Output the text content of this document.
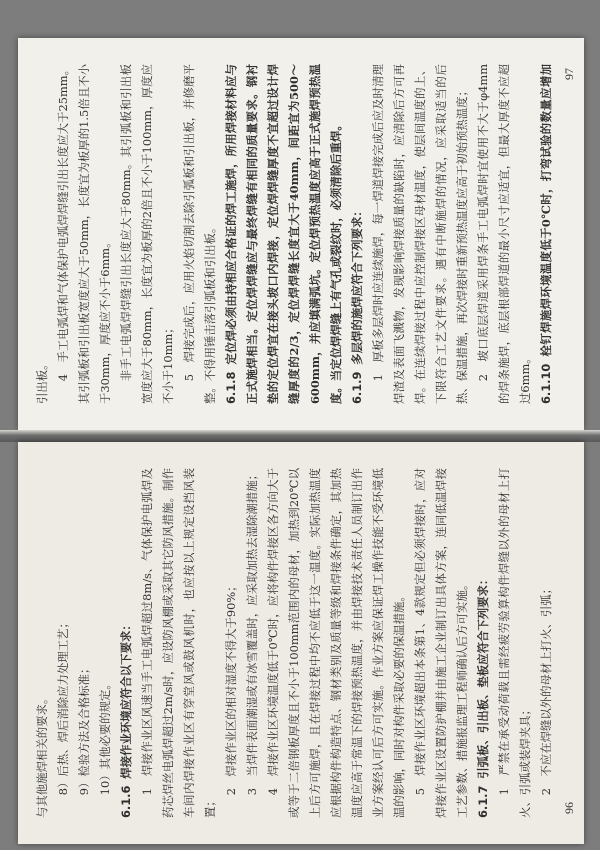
引出板。

4　手工电弧焊和气体保护电弧焊焊缝引出长度应大于25mm。其引弧板和引出板宽度应大于50mm，长度宜为板厚的1.5倍且不小于30mm，厚度应不小于6mm。 非手工电弧焊焊缝引出长度应大于80mm。其引弧板和引出板宽度应大于80mm，长度宜为板厚的2倍且不小于100mm，厚度应不小于10mm； 5　焊接完成后，应用火焰切割去除引弧板和引出板，并修磨平整。不得用锤击落引弧板和引出板。 6.1.8定位焊必须由持相应合格证的焊工施焊，所用焊接材料应与正式施焊相当。定位焊焊缝应与最终焊缝有相同的质量要求。钢衬垫的定位焊宜在接头坡口内焊接，定位焊焊缝厚度不宜超过设计焊缝厚度的2/3，定位焊焊缝长度宜大于40mm，间距宜为500～600mm，并应填满弧坑。定位焊预热温度应高于正式施焊预热温度。当定位焊焊缝上有气孔或裂纹时，必须清除后重焊。 6.1.9多层焊的施焊应符合下列要求： 1　厚板多层焊时应连续施焊，每一焊道焊接完成后应及时清理焊渣及表面飞溅物，发现影响焊接质量的缺陷时，应清除后方可再焊。在连续焊接过程中应控制焊接区母材温度，使层间温度的上、下限符合工艺文件要求。遇有中断施焊的情况，应采取适当的后热、保温措施，再次焊接时重新预热温度应高于初始预热温度； 2　坡口底层焊道采用焊条手工电弧焊时宜使用不大于φ4mm的焊条施焊，底层根部焊道的最小尺寸应适宜，但最大厚度不应超过6mm。 6.1.10栓钉焊施焊环境温度低于0℃时，打弯试验的数量应增加 97

与其他施焊相关的要求。 8）后热、焊后消除应力处理工艺； 9）检验方法及合格标准； 10）其他必要的规定。

6.1.6焊接作业环境应符合以下要求： 1　焊接作业区风速当手工电弧焊超过8m/s、气体保护电弧焊及药芯焊丝电弧焊超过2m/s时，应设防风棚或采取其它防风措施。制作车间内焊接作业区有穿堂风或鼓风机时，也应按以上规定设挡风装置；

2　焊接作业区的相对湿度不得大于90%； 3　当焊件表面潮湿或有冰雪覆盖时，应采取加热去湿除潮措施； 4　焊接作业区环境温度低于0℃时，应将构件焊接区各方向大于或等于二倍钢板厚度且不小于100mm范围内的母材，加热到20℃以上后方可施焊，且在焊接过程中均不应低于这一温度。实际加热温度应根据构件构造特点、钢材类别及质量等级和焊接条件确定，其加热温度应高于常温下的焊接预热温度，并由焊接技术责任人员制订出作业方案经认可后方可实施。作业方案应保证焊工操作技能不受环境低温的影响，同时对构件采取必要的保温措施。 5　焊接作业区环境超出本条第1、4款规定但必须焊接时，应对焊接作业区设置防护棚并由施工企业制订出具体方案，连同低温焊接工艺参数、措施报监理工程师确认后方可实施。 6.1.7引弧板、引出板、垫板应符合下列要求： 1　严禁在承受动荷载且需经疲劳验算构件焊缝以外的母材上打火、引弧或装焊夹具； 2　不应在焊缝以外的母材上打火、引弧；

96
